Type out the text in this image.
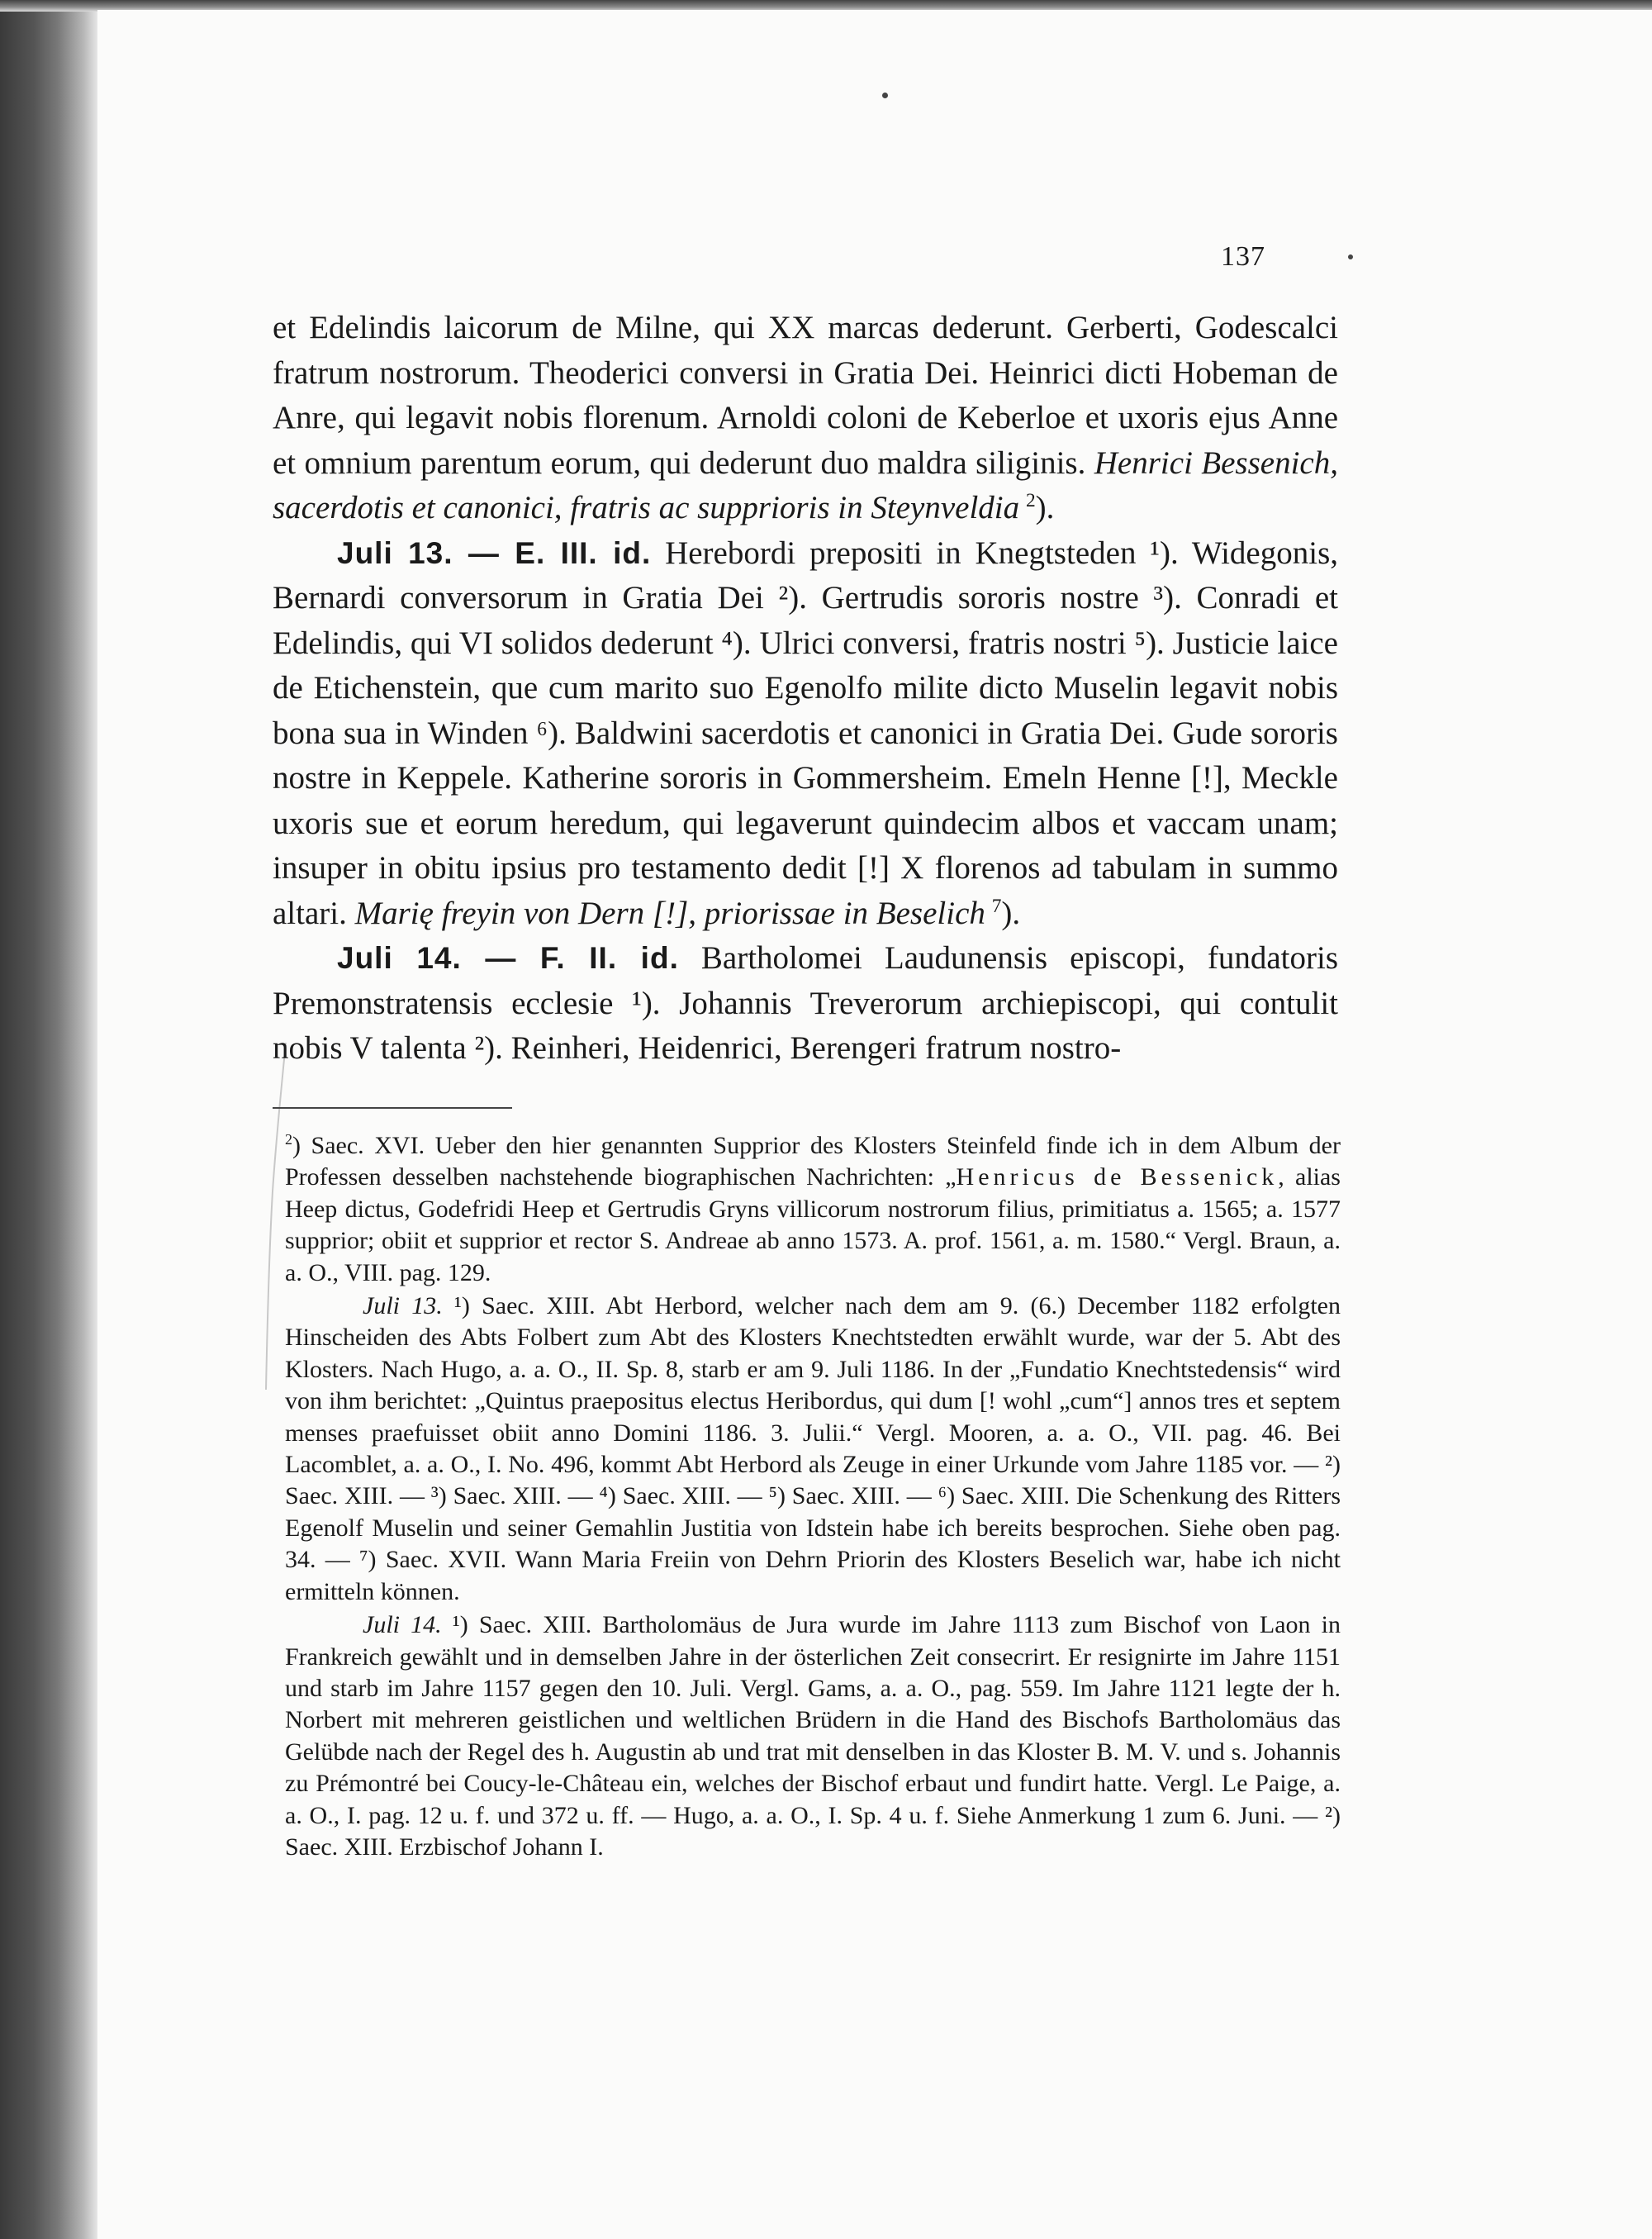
137

et Edelindis laicorum de Milne, qui XX marcas dederunt. Gerberti, Godescalci fratrum nostrorum. Theoderici conversi in Gratia Dei. Heinrici dicti Hobeman de Anre, qui legavit nobis florenum. Arnoldi coloni de Keberloe et uxoris ejus Anne et omnium parentum eorum, qui dederunt duo maldra siliginis. Henrici Bessenich, sacerdotis et canonici, fratris ac supprioris in Steynveldia  $^2$).

Juli 13. — E. III. id. Herebordi prepositi in Knegtsteden ¹). Widegonis, Bernardi conversorum in Gratia Dei ²). Gertrudis sororis nostre ³). Conradi et Edelindis, qui VI solidos dederunt ⁴). Ulrici conversi, fratris nostri ⁵). Justicie laice de Etichenstein, que cum marito suo Egenolfo milite dicto Muselin legavit nobis bona sua in Winden ⁶). Baldwini sacerdotis et canonici in Gratia Dei. Gude sororis nostre in Keppele. Katherine sororis in Gommersheim. Emeln Henne [!], Meckle uxoris sue et eorum heredum, qui legaverunt quindecim albos et vaccam unam; insuper in obitu ipsius pro testamento dedit [!] X florenos ad tabulam in summo altari. Marię freyin von Dern [!], priorissae in Beselich  $^7$).

Juli 14. — F. II. id. Bartholomei Laudunensis episcopi, fundatoris Premonstratensis ecclesie ¹). Johannis Treverorum archiepiscopi, qui contulit nobis V talenta ²). Reinheri, Heidenrici, Berengeri fratrum nostro-

$^2$) Saec. XVI. Ueber den hier genannten Supprior des Klosters Steinfeld finde ich in dem Album der Professen desselben nachstehende biographischen Nachrichten: „Henricus de Bessenick, alias Heep dictus, Godefridi Heep et Gertrudis Gryns villicorum nostrorum filius, primitiatus a. 1565; a. 1577 supprior; obiit et supprior et rector S. Andreae ab anno 1573. A. prof. 1561, a. m. 1580.“ Vergl. Braun, a. a. O., VIII. pag. 129.

Juli 13. ¹) Saec. XIII. Abt Herbord, welcher nach dem am 9. (6.) December 1182 erfolgten Hinscheiden des Abts Folbert zum Abt des Klosters Knechtstedten erwählt wurde, war der 5. Abt des Klosters. Nach Hugo, a. a. O., II. Sp. 8, starb er am 9. Juli 1186. In der „Fundatio Knechtstedensis“ wird von ihm berichtet: „Quintus praepositus electus Heribordus, qui dum [! wohl „cum“] annos tres et septem menses praefuisset obiit anno Domini 1186. 3. Julii.“ Vergl. Mooren, a. a. O., VII. pag. 46. Bei Lacomblet, a. a. O., I. No. 496, kommt Abt Herbord als Zeuge in einer Urkunde vom Jahre 1185 vor. — ²) Saec. XIII. — ³) Saec. XIII. — ⁴) Saec. XIII. — ⁵) Saec. XIII. — ⁶) Saec. XIII. Die Schenkung des Ritters Egenolf Muselin und seiner Gemahlin Justitia von Idstein habe ich bereits besprochen. Siehe oben pag. 34. — ⁷) Saec. XVII. Wann Maria Freiin von Dehrn Priorin des Klosters Beselich war, habe ich nicht ermitteln können.

Juli 14. ¹) Saec. XIII. Bartholomäus de Jura wurde im Jahre 1113 zum Bischof von Laon in Frankreich gewählt und in demselben Jahre in der österlichen Zeit consecrirt. Er resignirte im Jahre 1151 und starb im Jahre 1157 gegen den 10. Juli. Vergl. Gams, a. a. O., pag. 559. Im Jahre 1121 legte der h. Norbert mit mehreren geistlichen und weltlichen Brüdern in die Hand des Bischofs Bartholomäus das Gelübde nach der Regel des h. Augustin ab und trat mit denselben in das Kloster B. M. V. und s. Johannis zu Prémontré bei Coucy-le-Château ein, welches der Bischof erbaut und fundirt hatte. Vergl. Le Paige, a. a. O., I. pag. 12 u. f. und 372 u. ff. — Hugo, a. a. O., I. Sp. 4 u. f. Siehe Anmerkung 1 zum 6. Juni. — ²) Saec. XIII. Erzbischof Johann I.
